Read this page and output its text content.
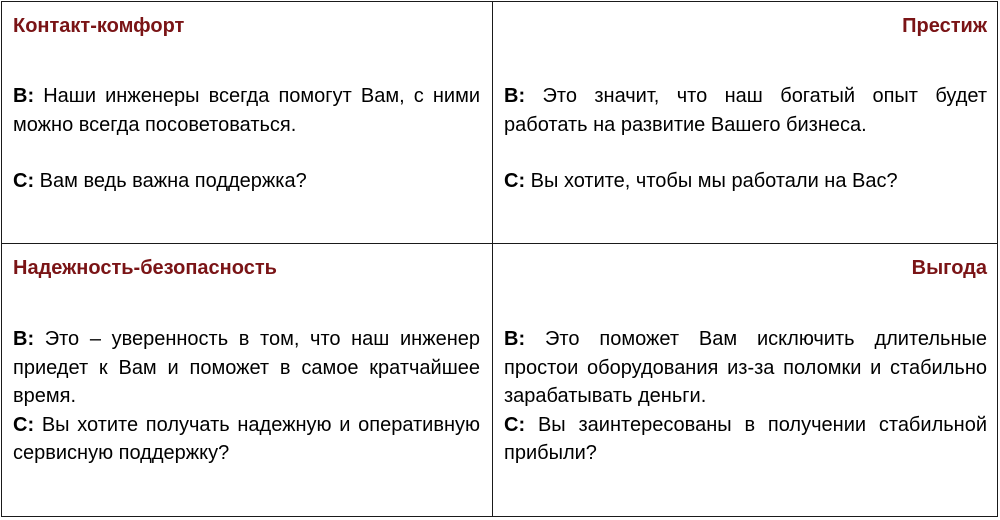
Контакт-комфорт

В: Наши инженеры всегда помогут Вам, с ними можно всегда посоветоваться.

С: Вам ведь важна поддержка?

Престиж

В: Это значит, что наш богатый опыт будет работать на развитие Вашего бизнеса.

С: Вы хотите, чтобы мы работали на Вас?

Надежность-безопасность

В: Это – уверенность в том, что наш инженер приедет к Вам и поможет в самое кратчайшее время.

С: Вы хотите получать надежную и оперативную сервисную поддержку?

Выгода

В: Это поможет Вам исключить длительные простои оборудования из-за поломки и стабильно зарабатывать деньги.

С: Вы заинтересованы в получении стабильной прибыли?
